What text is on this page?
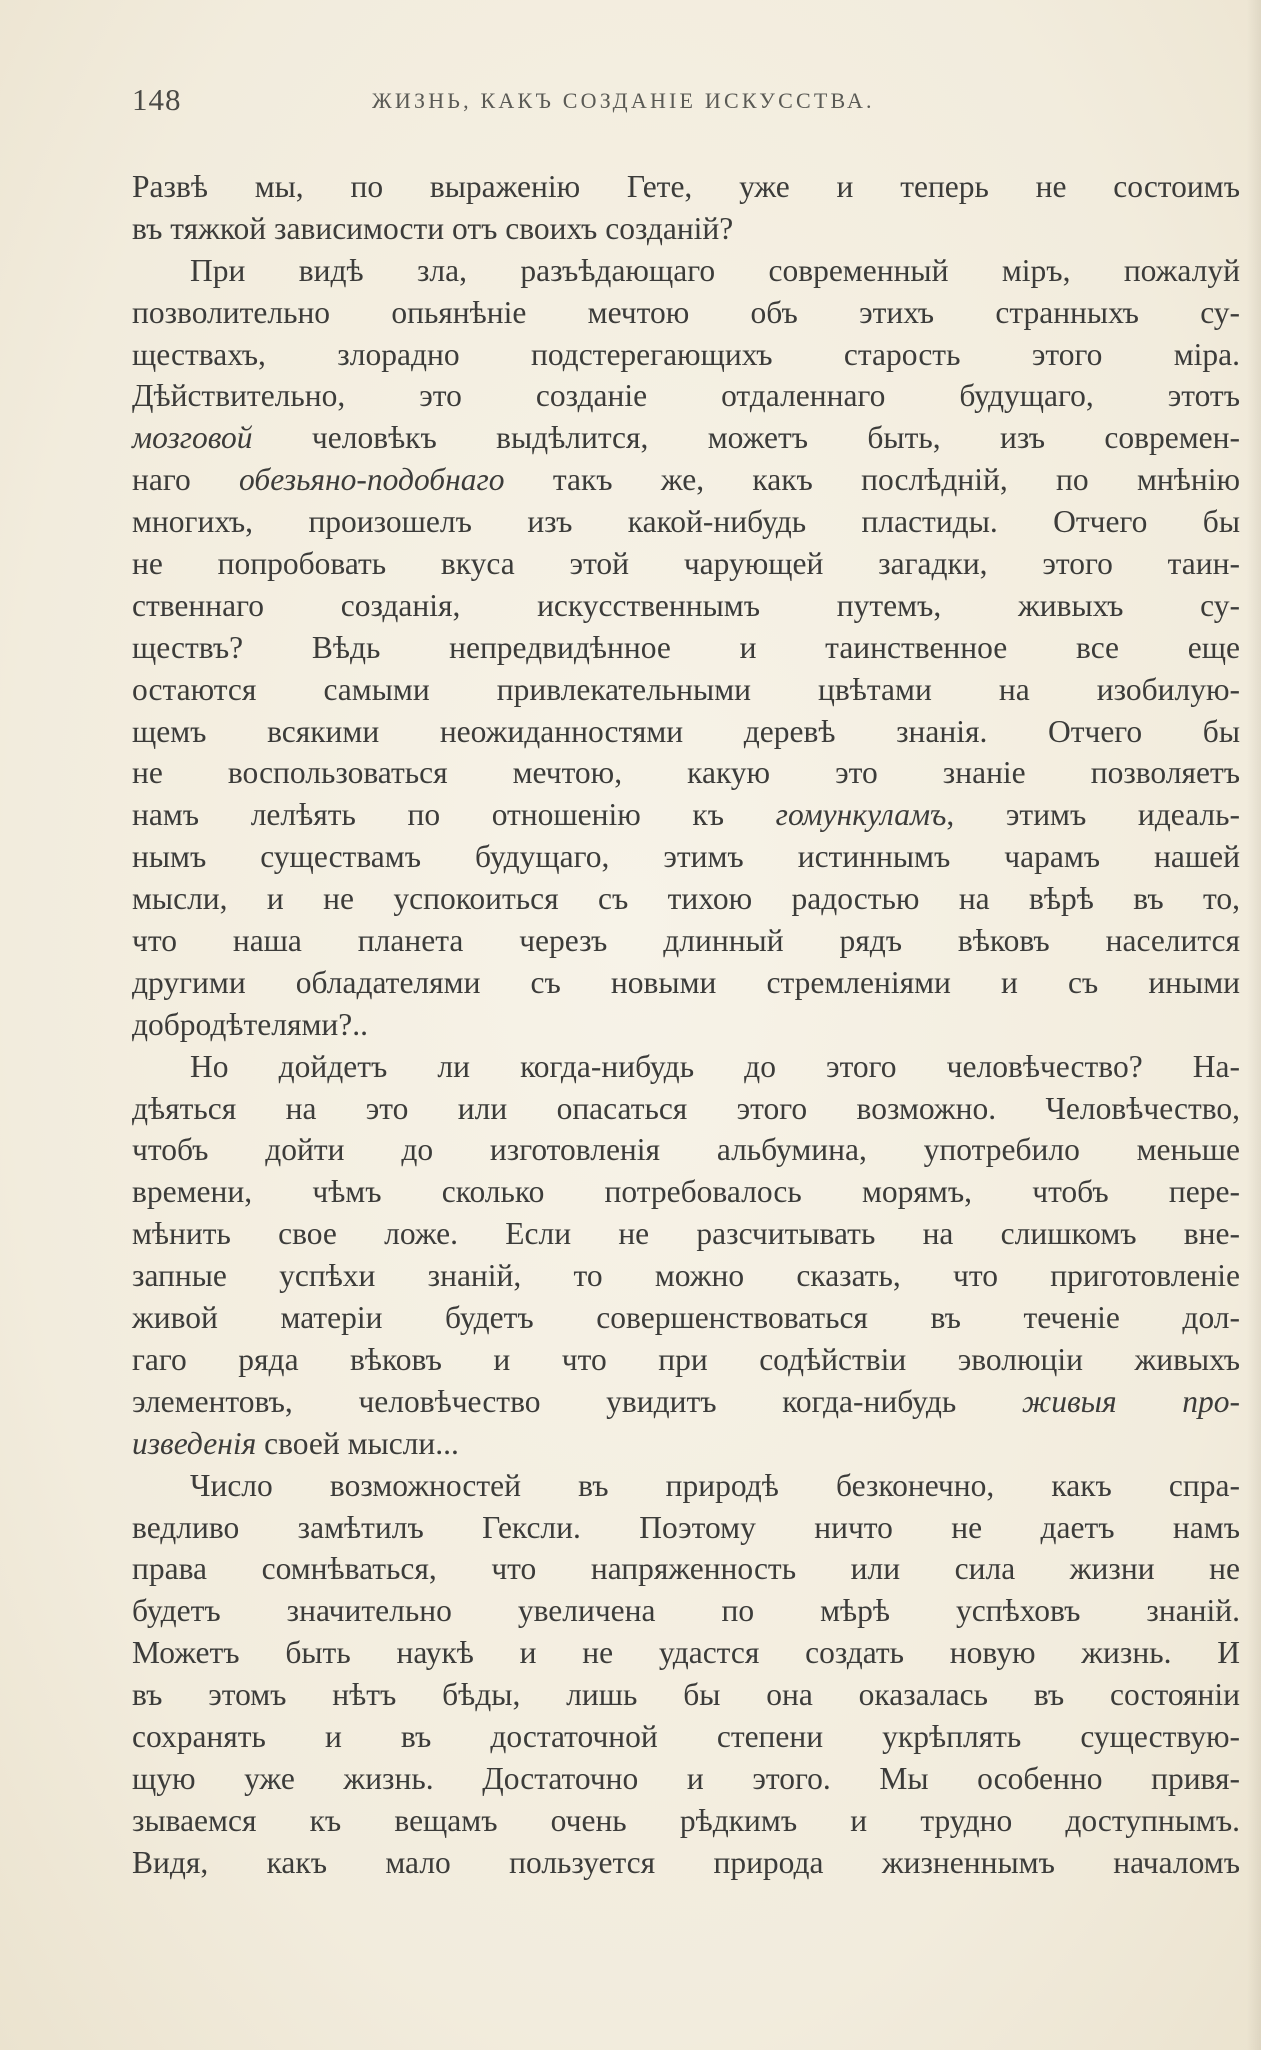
148	ЖИЗНЬ, КАКЪ СОЗДАНІЕ ИСКУССТВА.
Развѣ мы, по выраженію Гете, уже и теперь не состоимъ
въ тяжкой зависимости отъ своихъ созданій?
При видѣ зла, разъѣдающаго современный міръ, пожалуй
позволительно опьянѣніе мечтою объ этихъ странныхъ су-
ществахъ, злорадно подстерегающихъ старость этого міра.
Дѣйствительно, это созданіе отдаленнаго будущаго, этотъ
мозговой человѣкъ выдѣлится, можетъ быть, изъ современ-
наго обезьяно-подобнаго такъ же, какъ послѣдній, по мнѣнію
многихъ, произошелъ изъ какой-нибудь пластиды. Отчего бы
не попробовать вкуса этой чарующей загадки, этого таин-
ственнаго созданія, искусственнымъ путемъ, живыхъ су-
ществъ? Вѣдь непредвидѣнное и таинственное все еще
остаются самыми привлекательными цвѣтами на изобилую-
щемъ всякими неожиданностями деревѣ знанія. Отчего бы
не воспользоваться мечтою, какую это знаніе позволяетъ
намъ лелѣять по отношенію къ гомункуламъ, этимъ идеаль-
нымъ существамъ будущаго, этимъ истиннымъ чарамъ нашей
мысли, и не успокоиться съ тихою радостью на вѣрѣ въ то,
что наша планета черезъ длинный рядъ вѣковъ населится
другими обладателями съ новыми стремленіями и съ иными
добродѣтелями?..
Но дойдетъ ли когда-нибудь до этого человѣчество? На-
дѣяться на это или опасаться этого возможно. Человѣчество,
чтобъ дойти до изготовленія альбумина, употребило меньше
времени, чѣмъ сколько потребовалось морямъ, чтобъ пере-
мѣнить свое ложе. Если не разсчитывать на слишкомъ вне-
запные успѣхи знаній, то можно сказать, что приготовленіе
живой матеріи будетъ совершенствоваться въ теченіе дол-
гаго ряда вѣковъ и что при содѣйствіи эволюціи живыхъ
элементовъ, человѣчество увидитъ когда-нибудь живыя про-
изведенія своей мысли...
Число возможностей въ природѣ безконечно, какъ спра-
ведливо замѣтилъ Гексли. Поэтому ничто не даетъ намъ
права сомнѣваться, что напряженность или сила жизни не
будетъ значительно увеличена по мѣрѣ успѣховъ знаній.
Можетъ быть наукѣ и не удастся создать новую жизнь. И
въ этомъ нѣтъ бѣды, лишь бы она оказалась въ состояніи
сохранять и въ достаточной степени укрѣплять существую-
щую уже жизнь. Достаточно и этого. Мы особенно привя-
зываемся къ вещамъ очень рѣдкимъ и трудно доступнымъ.
Видя, какъ мало пользуется природа жизненнымъ началомъ
